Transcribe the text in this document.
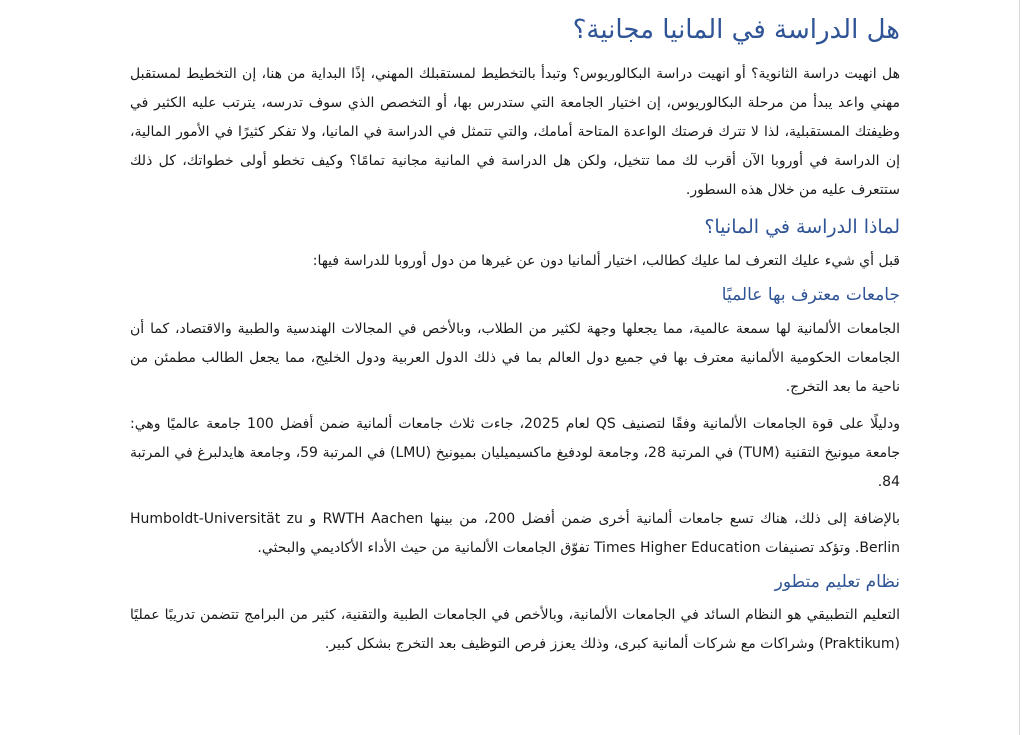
هل الدراسة في المانيا مجانية؟

هل انهيت دراسة الثانوية؟ أو انهيت دراسة البكالوريوس؟ وتبدأ بالتخطيط لمستقبلك المهني، إذًا البداية من هنا، إن التخطيط لمستقبل مهني واعد يبدأ من مرحلة البكالوريوس، إن اختيار الجامعة التي ستدرس بها، أو التخصص الذي سوف تدرسه، يترتب عليه الكثير في وظيفتك المستقبلية، لذا لا تترك فرصتك الواعدة المتاحة أمامك، والتي تتمثل في الدراسة في المانيا، ولا تفكر كثيرًا في الأمور المالية، إن الدراسة في أوروبا الآن أقرب لك مما تتخيل، ولكن هل الدراسة في المانية مجانية تمامًا؟ وكيف تخطو أولى خطواتك، كل ذلك ستتعرف عليه من خلال هذه السطور.

لماذا الدراسة في المانيا؟

قبل أي شيء عليك التعرف لما عليك كطالب، اختيار ألمانيا دون عن غيرها من دول أوروبا للدراسة فيها:

جامعات معترف بها عالميًا

الجامعات الألمانية لها سمعة عالمية، مما يجعلها وجهة لكثير من الطلاب، وبالأخص في المجالات الهندسية والطبية والاقتصاد، كما أن الجامعات الحكومية الألمانية معترف بها في جميع دول العالم بما في ذلك الدول العربية ودول الخليج، مما يجعل الطالب مطمئن من ناحية ما بعد التخرج.

ودليلًا على قوة الجامعات الألمانية وفقًا لتصنيف QS لعام 2025، جاءت ثلاث جامعات ألمانية ضمن أفضل 100 جامعة عالميًا وهي: جامعة ميونيخ التقنية (TUM) في المرتبة 28، وجامعة لودفيغ ماكسيميليان بميونيخ (LMU) في المرتبة 59، وجامعة هايدلبرغ في المرتبة 84.

بالإضافة إلى ذلك، هناك تسع جامعات ألمانية أخرى ضمن أفضل 200، من بينها RWTH Aachen و Humboldt-Universität zu Berlin. وتؤكد تصنيفات Times Higher Education تفوّق الجامعات الألمانية من حيث الأداء الأكاديمي والبحثي.

نظام تعليم متطور

التعليم التطبيقي هو النظام السائد في الجامعات الألمانية، وبالأخص في الجامعات الطبية والتقنية، كثير من البرامج تتضمن تدريبًا عمليًا (Praktikum) وشراكات مع شركات ألمانية كبرى، وذلك يعزز فرص التوظيف بعد التخرج بشكل كبير.
